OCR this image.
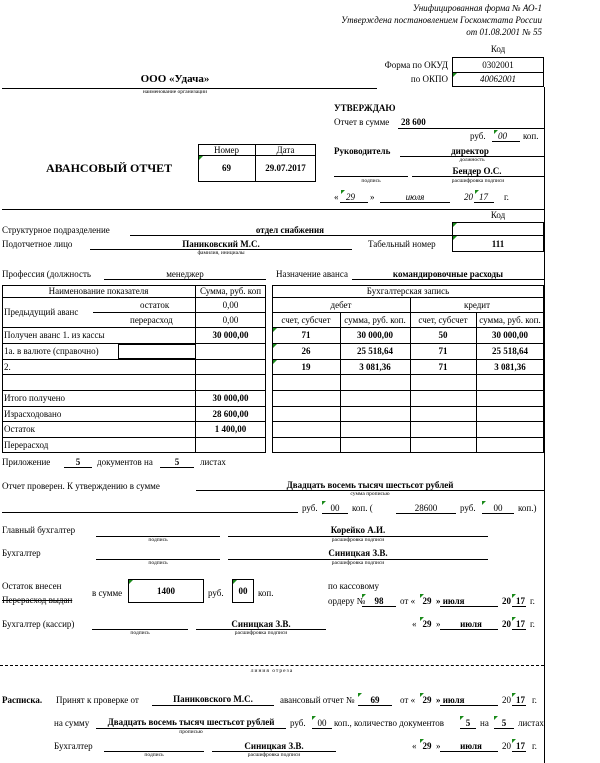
Унифицированная форма № АО-1
Утверждена постановлением Госкомстата России
от 01.08.2001 № 55
Код
Форма по ОКУД	0302001
по ОКПО	40062001
ООО «Удача»
наименование организации
УТВЕРЖДАЮ
Отчет в сумме 28 600
руб. 00 коп.
Руководитель	директор
должность
Бендер О.С.
подпись	расшифровка подписи
« 29 »	июля	20 17 г.
АВАНСОВЫЙ ОТЧЕТ
Номер	Дата
69	29.07.2017
Код
Структурное подразделение	отдел снабжения
Подотчетное лицо	Паниковский М.С.
фамилия, инициалы
Табельный номер	111
Профессия (должность	менеджер	Назначение аванса	командировочные расходы
Наименование показателя	Сумма, руб. коп
Предыдущий аванс
остаток	0,00
перерасход	0,00
Получен аванс 1. из кассы	30 000,00
1а. в валюте (справочно)
2.
Итого получено	30 000,00
Израсходовано	28 600,00
Остаток	1 400,00
Перерасход
Бухгалтерская запись
дебет	кредит
счет, субсчет	сумма, руб. коп.	счет, субсчет	сумма, руб. коп.
71	30 000,00	50	30 000,00
26	25 518,64	71	25 518,64
19	3 081,36	71	3 081,36
Приложение	5	документов на	5	листах
Отчет проверен. К утверждению в сумме	Двадцать восемь тысяч шестьсот рублей
сумма прописью
руб.	00	коп. (	28600	руб.	00	коп.)
Главный бухгалтер
подпись
Корейко А.И.
расшифровка подписи
Бухгалтер
подпись
Синицкая З.В.
расшифровка подписи
Остаток внесен
Перерасход выдан
в сумме	1400	руб.	00	коп.
по кассовому
ордеру №	98	от « 29 » июля	20 17 г.
Бухгалтер (кассир)
подпись
Синицкая З.В.
расшифровка подписи
« 29 »	июля	20 17 г.
линия отреза
Расписка. Принят к проверке от	Паниковского М.С.	авансовый отчет №	69	от « 29 » июля	20 17 г.
на сумму	Двадцать восемь тысяч шестьсот рублей
прописью
руб.	00 коп., количество документов	5	на	5	листах
Бухгалтер
подпись
Синицкая З.В.
расшифровка подписи
« 29 »	июля	20 17 г.
